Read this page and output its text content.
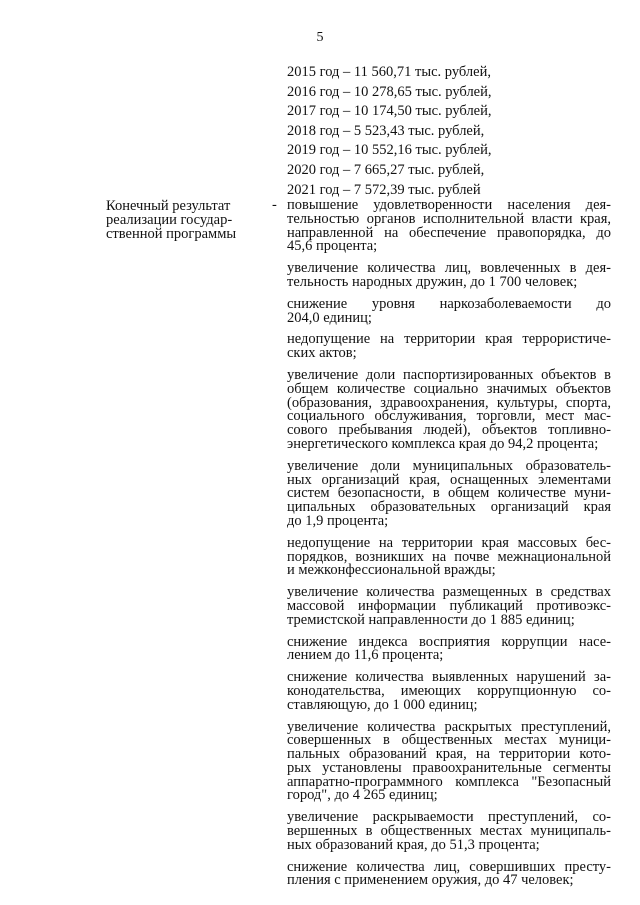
5
2015 год – 11 560,71 тыс. рублей,
2016 год – 10 278,65 тыс. рублей,
2017 год – 10 174,50 тыс. рублей,
2018 год – 5 523,43 тыс. рублей,
2019 год – 10 552,16 тыс. рублей,
2020 год – 7 665,27 тыс. рублей,
2021 год – 7 572,39 тыс. рублей
Конечный результат
реализации государ-
ственной программы
- повышение удовлетворенности населения дея-
тельностью органов исполнительной власти края,
направленной на обеспечение правопорядка, до
45,6 процента;
увеличение количества лиц, вовлеченных в дея-
тельность народных дружин, до 1 700 человек;
снижение уровня наркозаболеваемости до
204,0 единиц;
недопущение на территории края террористиче-
ских актов;
увеличение доли паспортизированных объектов в
общем количестве социально значимых объектов
(образования, здравоохранения, культуры, спорта,
социального обслуживания, торговли, мест мас-
сового пребывания людей), объектов топливно-
энергетического комплекса края до 94,2 процента;
увеличение доли муниципальных образователь-
ных организаций края, оснащенных элементами
систем безопасности, в общем количестве муни-
ципальных образовательных организаций края
до 1,9 процента;
недопущение на территории края массовых бес-
порядков, возникших на почве межнациональной
и межконфессиональной вражды;
увеличение количества размещенных в средствах
массовой информации публикаций противоэкс-
тремистской направленности до 1 885 единиц;
снижение индекса восприятия коррупции насе-
лением до 11,6 процента;
снижение количества выявленных нарушений за-
конодательства, имеющих коррупционную со-
ставляющую, до 1 000 единиц;
увеличение количества раскрытых преступлений,
совершенных в общественных местах муници-
пальных образований края, на территории кото-
рых установлены правоохранительные сегменты
аппаратно-программного комплекса "Безопасный
город", до 4 265 единиц;
увеличение раскрываемости преступлений, со-
вершенных в общественных местах муниципаль-
ных образований края, до 51,3 процента;
снижение количества лиц, совершивших престу-
пления с применением оружия, до 47 человек;
